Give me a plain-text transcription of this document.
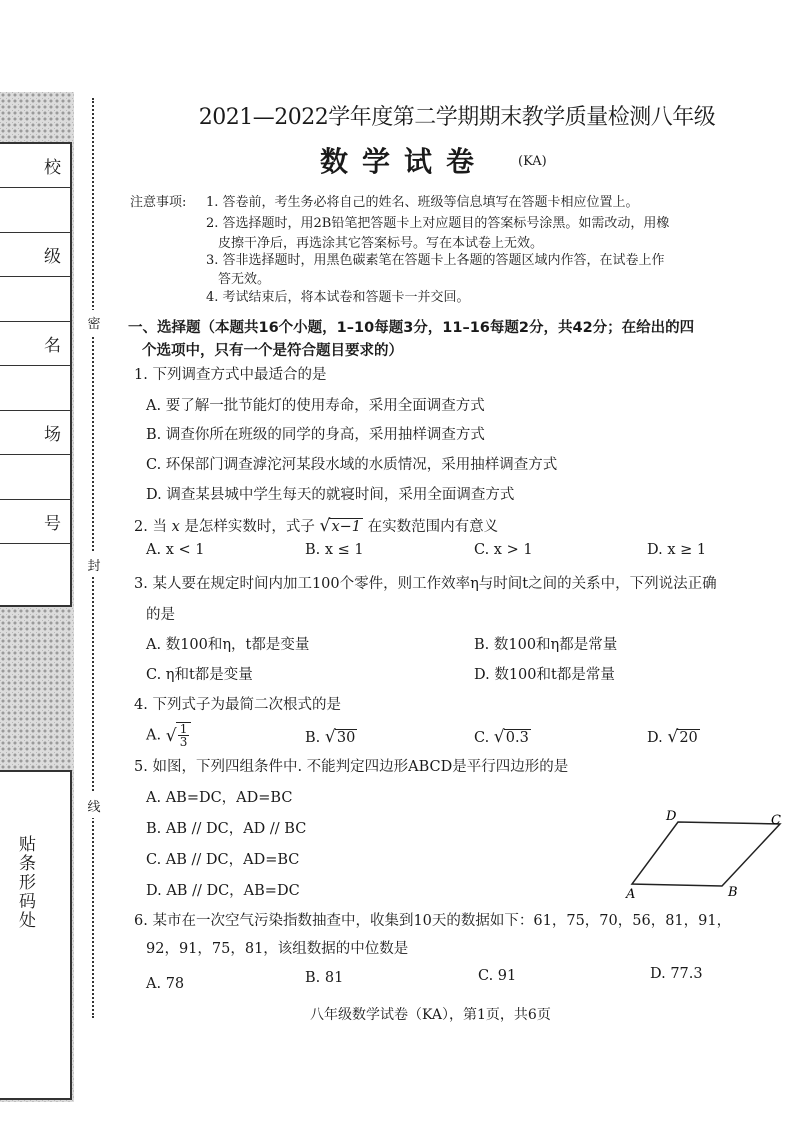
校
级
名
场
号
贴条形码处
密
封
线
2021—2022学年度第二学期期末教学质量检测八年级
数学试卷 (KA)
注意事项: 1. 答卷前，考生务必将自己的姓名、班级等信息填写在答题卡相应位置上。
2. 答选择题时，用2B铅笔把答题卡上对应题目的答案标号涂黑。如需改动，用橡
皮擦干净后，再选涂其它答案标号。写在本试卷上无效。
3. 答非选择题时，用黑色碳素笔在答题卡上各题的答题区域内作答，在试卷上作
答无效。
4. 考试结束后，将本试卷和答题卡一并交回。
一、选择题（本题共16个小题，1–10每题3分，11–16每题2分，共42分；在给出的四
个选项中，只有一个是符合题目要求的）
1. 下列调查方式中最适合的是
A. 要了解一批节能灯的使用寿命，采用全面调查方式
B. 调查你所在班级的同学的身高，采用抽样调查方式
C. 环保部门调查滹沱河某段水域的水质情况，采用抽样调查方式
D. 调查某县城中学生每天的就寝时间，采用全面调查方式
2. 当 x 是怎样实数时，式子 √ x−1 在实数范围内有意义
A. x < 1	B. x ≤ 1	C. x > 1	D. x ≥ 1
3. 某人要在规定时间内加工100个零件，则工作效率η与时间t之间的关系中，下列说法正确
的是
A. 数100和η，t都是变量	B. 数100和η都是常量
C. η和t都是变量	D. 数100和t都是常量
4. 下列式子为最简二次根式的是
A. √ $\frac{1}{3}$	B. √ 30	C. √ 0.3	D. √ 20
5. 如图，下列四组条件中. 不能判定四边形ABCD是平行四边形的是
A. AB=DC，AD=BC
B. AB // DC，AD // BC
C. AB // DC，AD=BC
D. AB // DC，AB=DC
D	C
A	B
6. 某市在一次空气污染指数抽查中，收集到10天的数据如下：61，75，70，56，81，91，
92，91，75，81，该组数据的中位数是
A. 78	B. 81	C. 91	D. 77.3
八年级数学试卷（KA），第1页，共6页
